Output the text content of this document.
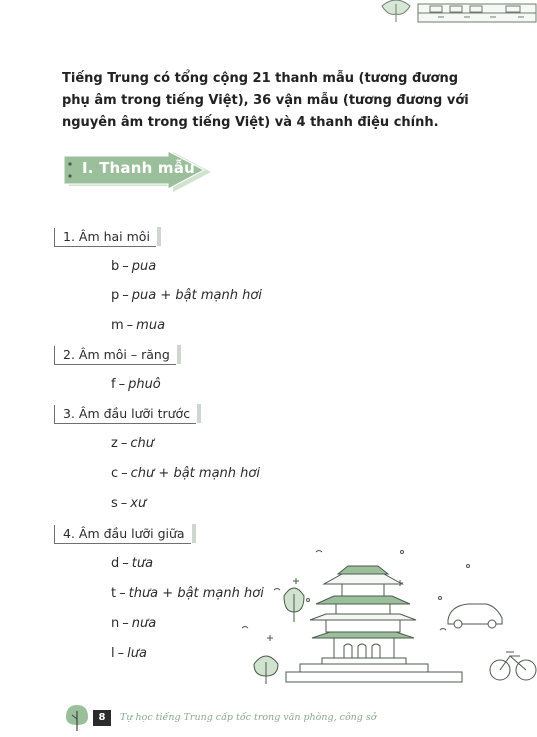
Tiếng Trung có tổng cộng 21 thanh mẫu (tương đương phụ âm trong tiếng Việt), 36 vận mẫu (tương đương với nguyên âm trong tiếng Việt) và 4 thanh điệu chính.
I. Thanh mẫu
1. Âm hai môi
b – pua
p – pua + bật mạnh hơi
m – mua
2. Âm môi – răng
f – phuô
3. Âm đầu lưỡi trước
z – chư
c – chư + bật mạnh hơi
s – xư
4. Âm đầu lưỡi giữa
d – tưa
t – thưa + bật mạnh hơi
n – nưa
l – lưa
8	Tự học tiếng Trung cấp tốc trong văn phòng, công sở
